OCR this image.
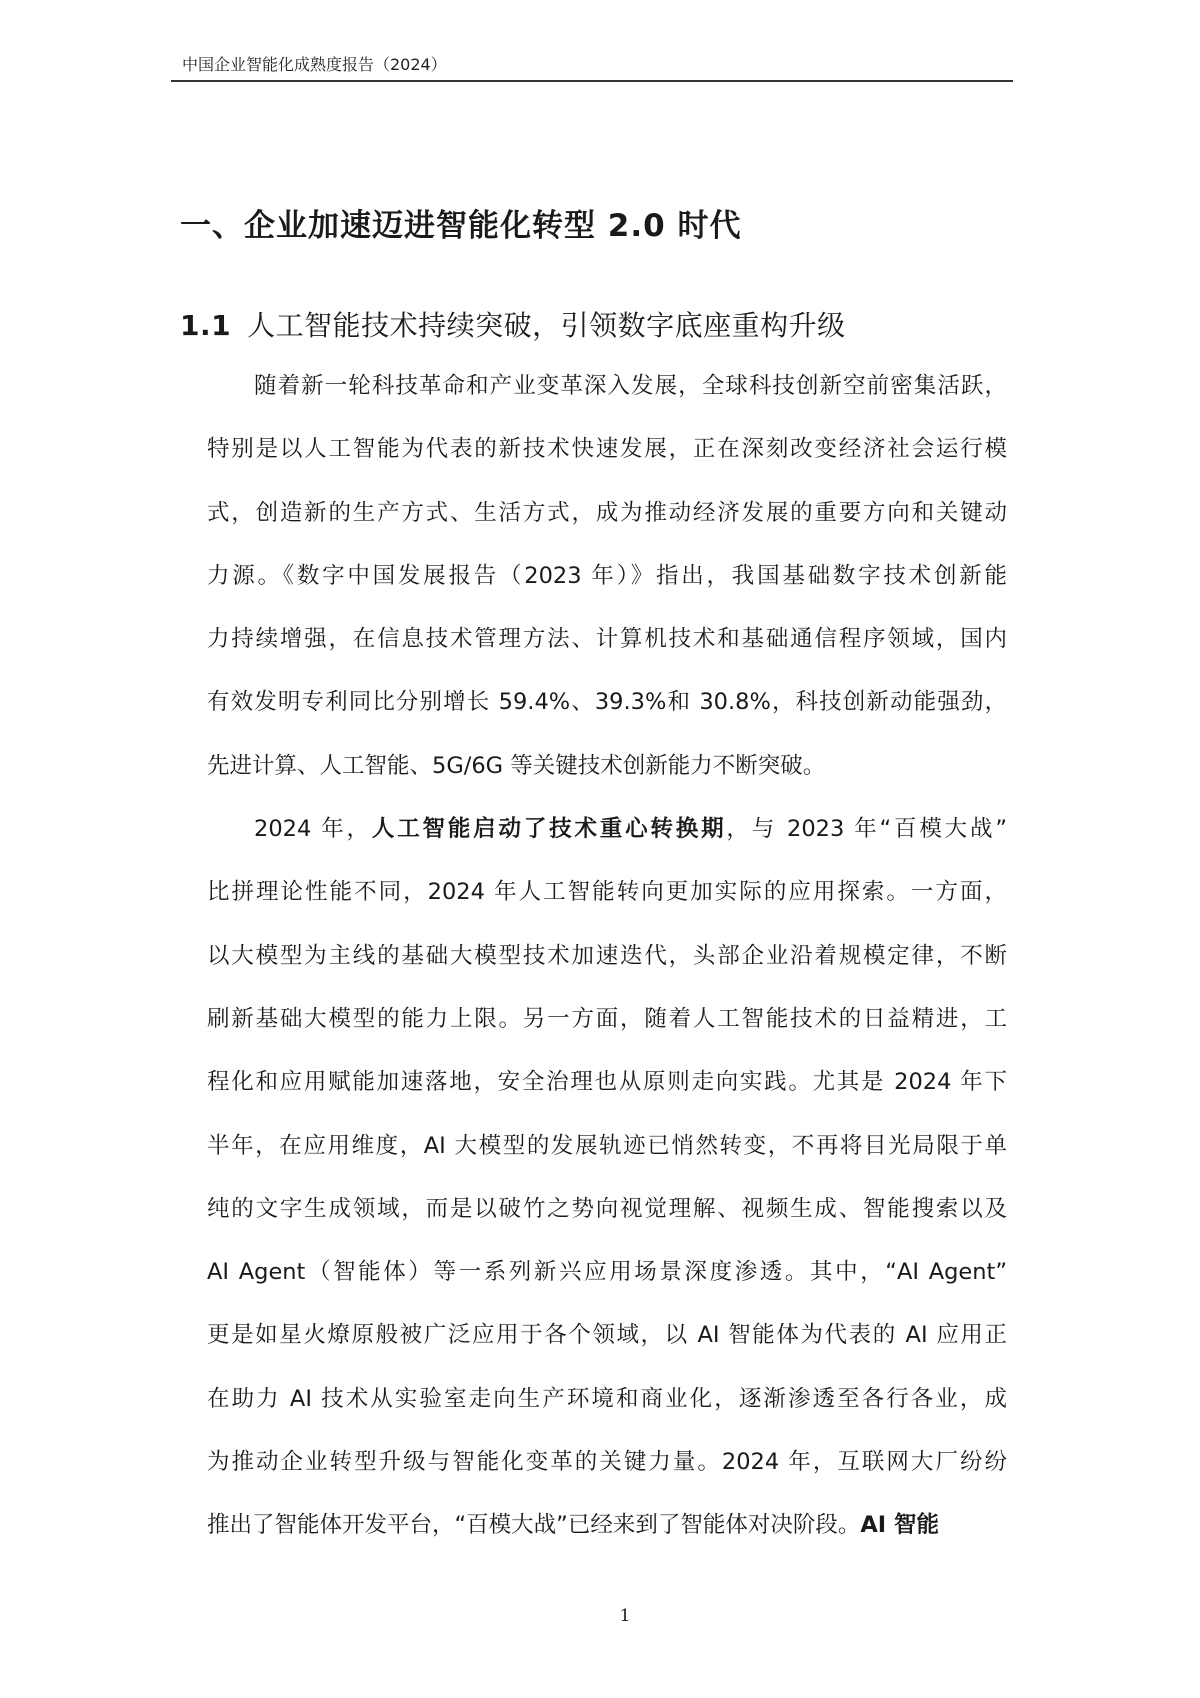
中国企业智能化成熟度报告（2024）
一、企业加速迈进智能化转型 2.0 时代
1.1 人工智能技术持续突破，引领数字底座重构升级
随着新一轮科技革命和产业变革深入发展，全球科技创新空前密集活跃，
特别是以人工智能为代表的新技术快速发展，正在深刻改变经济社会运行模
式，创造新的生产方式、生活方式，成为推动经济发展的重要方向和关键动
力源。《数字中国发展报告（2023 年）》指出，我国基础数字技术创新能
力持续增强，在信息技术管理方法、计算机技术和基础通信程序领域，国内
有效发明专利同比分别增长 59.4%、39.3%和 30.8%，科技创新动能强劲，
先进计算、人工智能、5G/6G 等关键技术创新能力不断突破。
2024 年，人工智能启动了技术重心转换期，与 2023 年“百模大战”
比拼理论性能不同，2024 年人工智能转向更加实际的应用探索。一方面，
以大模型为主线的基础大模型技术加速迭代，头部企业沿着规模定律，不断
刷新基础大模型的能力上限。另一方面，随着人工智能技术的日益精进，工
程化和应用赋能加速落地，安全治理也从原则走向实践。尤其是 2024 年下
半年，在应用维度，AI 大模型的发展轨迹已悄然转变，不再将目光局限于单
纯的文字生成领域，而是以破竹之势向视觉理解、视频生成、智能搜索以及
AI Agent（智能体）等一系列新兴应用场景深度渗透。其中，“AI Agent”
更是如星火燎原般被广泛应用于各个领域，以 AI 智能体为代表的 AI 应用正
在助力 AI 技术从实验室走向生产环境和商业化，逐渐渗透至各行各业，成
为推动企业转型升级与智能化变革的关键力量。2024 年，互联网大厂纷纷
推出了智能体开发平台，“百模大战”已经来到了智能体对决阶段。AI 智能
1
